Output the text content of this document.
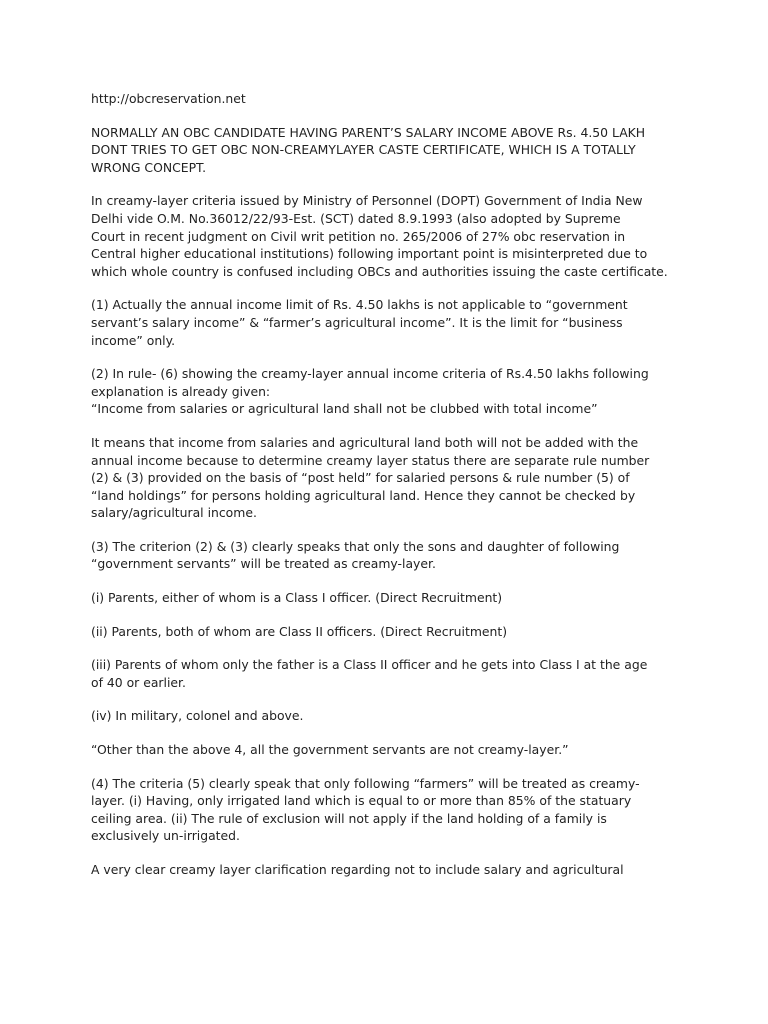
http://obcreservation.net
NORMALLY AN OBC CANDIDATE HAVING PARENT’S SALARY INCOME ABOVE Rs. 4.50 LAKH
DONT TRIES TO GET OBC NON-CREAMYLAYER CASTE CERTIFICATE, WHICH IS A TOTALLY
WRONG CONCEPT.
In creamy-layer criteria issued by Ministry of Personnel (DOPT) Government of India New
Delhi vide O.M. No.36012/22/93-Est. (SCT) dated 8.9.1993 (also adopted by Supreme
Court in recent judgment on Civil writ petition no. 265/2006 of 27% obc reservation in
Central higher educational institutions) following important point is misinterpreted due to
which whole country is confused including OBCs and authorities issuing the caste certificate.
(1) Actually the annual income limit of Rs. 4.50 lakhs is not applicable to “government
servant’s salary income” & “farmer’s agricultural income”. It is the limit for “business
income” only.
(2) In rule- (6) showing the creamy-layer annual income criteria of Rs.4.50 lakhs following
explanation is already given:
“Income from salaries or agricultural land shall not be clubbed with total income”
It means that income from salaries and agricultural land both will not be added with the
annual income because to determine creamy layer status there are separate rule number
(2) & (3) provided on the basis of “post held” for salaried persons & rule number (5) of
“land holdings” for persons holding agricultural land. Hence they cannot be checked by
salary/agricultural income.
(3) The criterion (2) & (3) clearly speaks that only the sons and daughter of following
“government servants” will be treated as creamy-layer.
(i) Parents, either of whom is a Class I officer. (Direct Recruitment)
(ii) Parents, both of whom are Class II officers. (Direct Recruitment)
(iii) Parents of whom only the father is a Class II officer and he gets into Class I at the age
of 40 or earlier.
(iv) In military, colonel and above.
“Other than the above 4, all the government servants are not creamy-layer.”
(4) The criteria (5) clearly speak that only following “farmers” will be treated as creamy-
layer. (i) Having, only irrigated land which is equal to or more than 85% of the statuary
ceiling area. (ii) The rule of exclusion will not apply if the land holding of a family is
exclusively un-irrigated.
A very clear creamy layer clarification regarding not to include salary and agricultural
